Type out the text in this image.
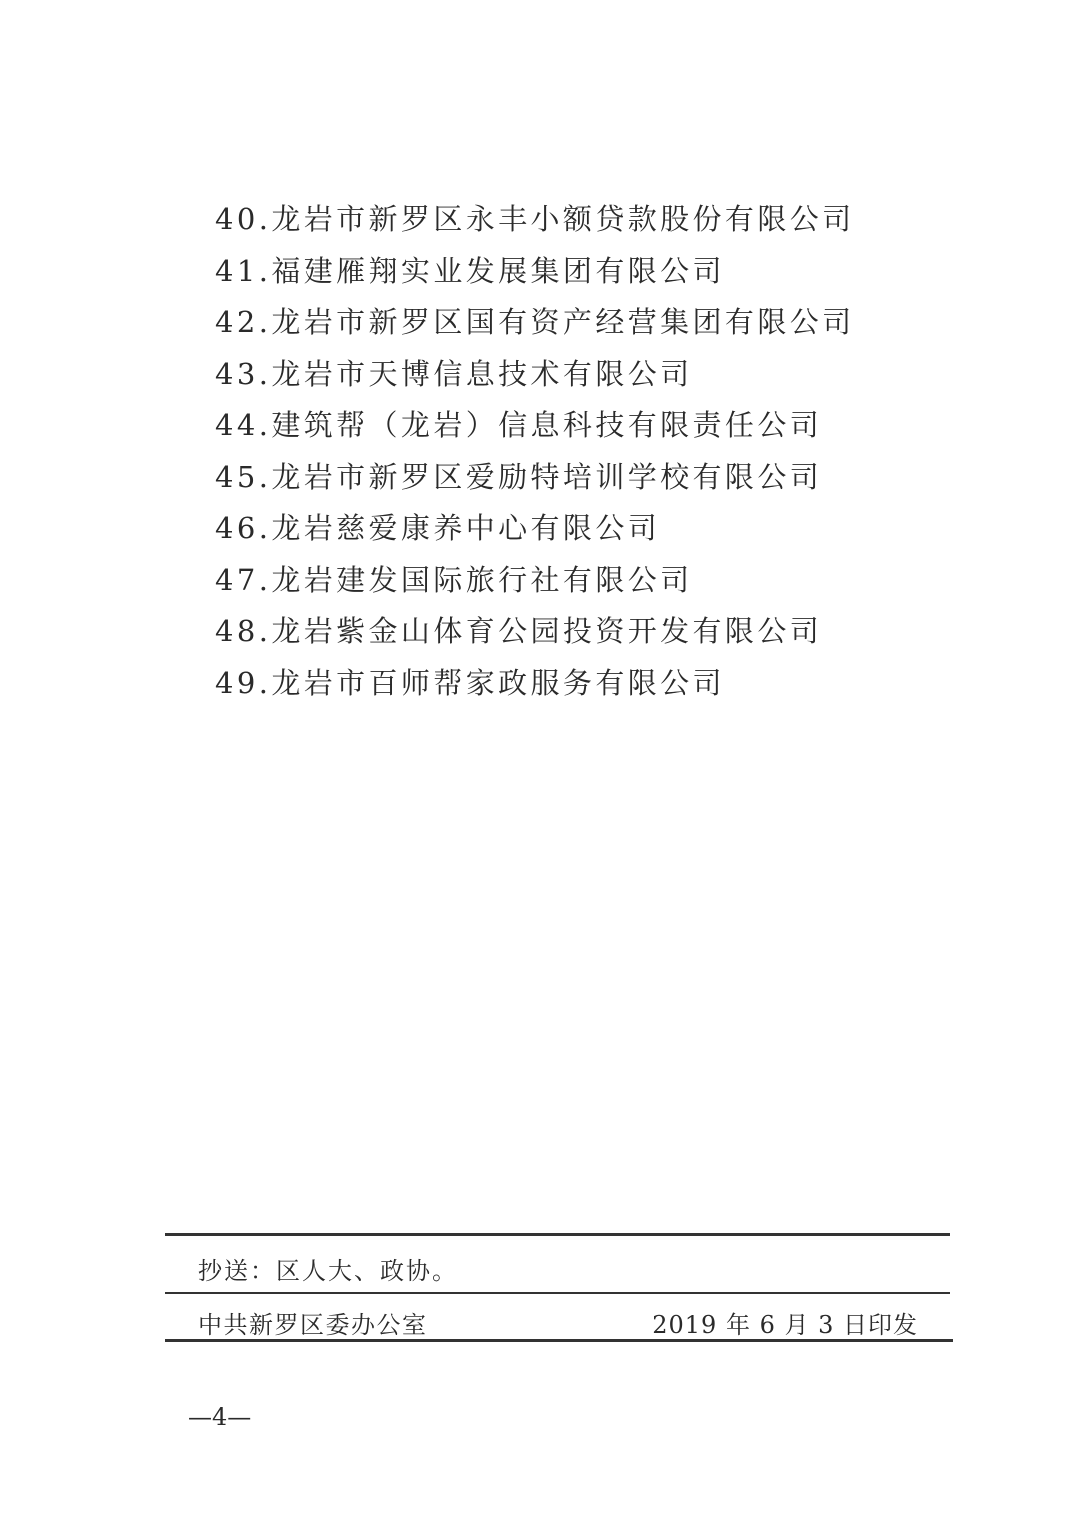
40.龙岩市新罗区永丰小额贷款股份有限公司
41.福建雁翔实业发展集团有限公司
42.龙岩市新罗区国有资产经营集团有限公司
43.龙岩市天博信息技术有限公司
44.建筑帮（龙岩）信息科技有限责任公司
45.龙岩市新罗区爱励特培训学校有限公司
46.龙岩慈爱康养中心有限公司
47.龙岩建发国际旅行社有限公司
48.龙岩紫金山体育公园投资开发有限公司
49.龙岩市百师帮家政服务有限公司
抄送：区人大、政协。
中共新罗区委办公室	2019 年 6 月 3 日印发
—4—
